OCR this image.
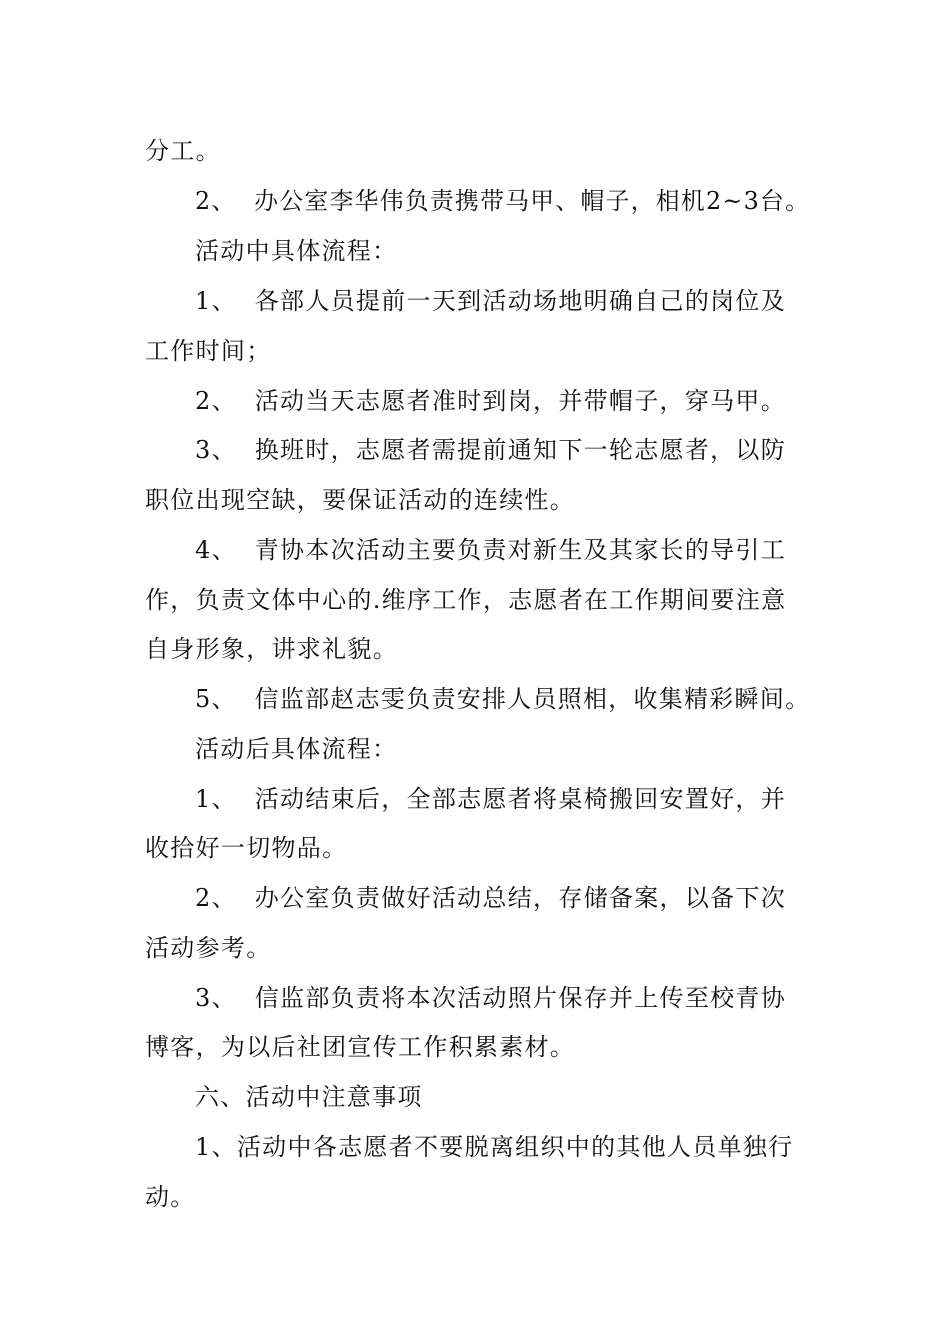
分工。
2、  办公室李华伟负责携带马甲、帽子，相机2~3台。
活动中具体流程：
1、  各部人员提前一天到活动场地明确自己的岗位及
工作时间；
2、  活动当天志愿者准时到岗，并带帽子，穿马甲。
3、  换班时，志愿者需提前通知下一轮志愿者，以防
职位出现空缺，要保证活动的连续性。
4、  青协本次活动主要负责对新生及其家长的导引工
作，负责文体中心的.维序工作，志愿者在工作期间要注意
自身形象，讲求礼貌。
5、  信监部赵志雯负责安排人员照相，收集精彩瞬间。
活动后具体流程：
1、  活动结束后，全部志愿者将桌椅搬回安置好，并
收拾好一切物品。
2、  办公室负责做好活动总结，存储备案，以备下次
活动参考。
3、  信监部负责将本次活动照片保存并上传至校青协
博客，为以后社团宣传工作积累素材。
六、活动中注意事项
1、活动中各志愿者不要脱离组织中的其他人员单独行
动。
